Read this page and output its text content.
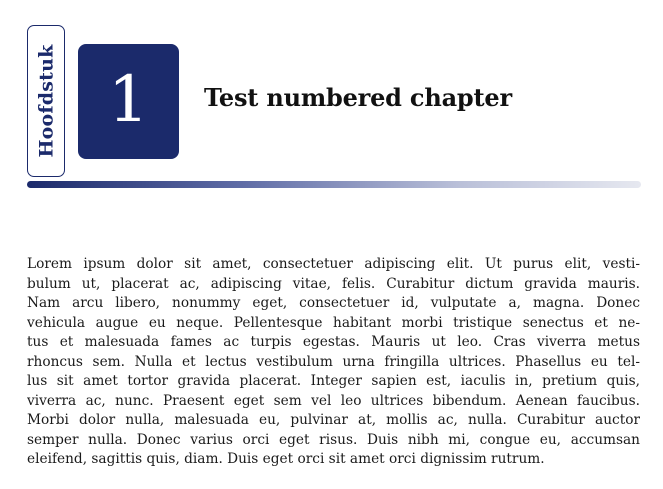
Hoofdstuk 1 Test numbered chapter

Lorem ipsum dolor sit amet, consectetuer adipiscing elit. Ut purus elit, vesti-
bulum ut, placerat ac, adipiscing vitae, felis. Curabitur dictum gravida mauris.
Nam arcu libero, nonummy eget, consectetuer id, vulputate a, magna. Donec
vehicula augue eu neque. Pellentesque habitant morbi tristique senectus et ne-
tus et malesuada fames ac turpis egestas. Mauris ut leo. Cras viverra metus
rhoncus sem. Nulla et lectus vestibulum urna fringilla ultrices. Phasellus eu tel-
lus sit amet tortor gravida placerat. Integer sapien est, iaculis in, pretium quis,
viverra ac, nunc. Praesent eget sem vel leo ultrices bibendum. Aenean faucibus.
Morbi dolor nulla, malesuada eu, pulvinar at, mollis ac, nulla. Curabitur auctor
semper nulla. Donec varius orci eget risus. Duis nibh mi, congue eu, accumsan
eleifend, sagittis quis, diam. Duis eget orci sit amet orci dignissim rutrum.
